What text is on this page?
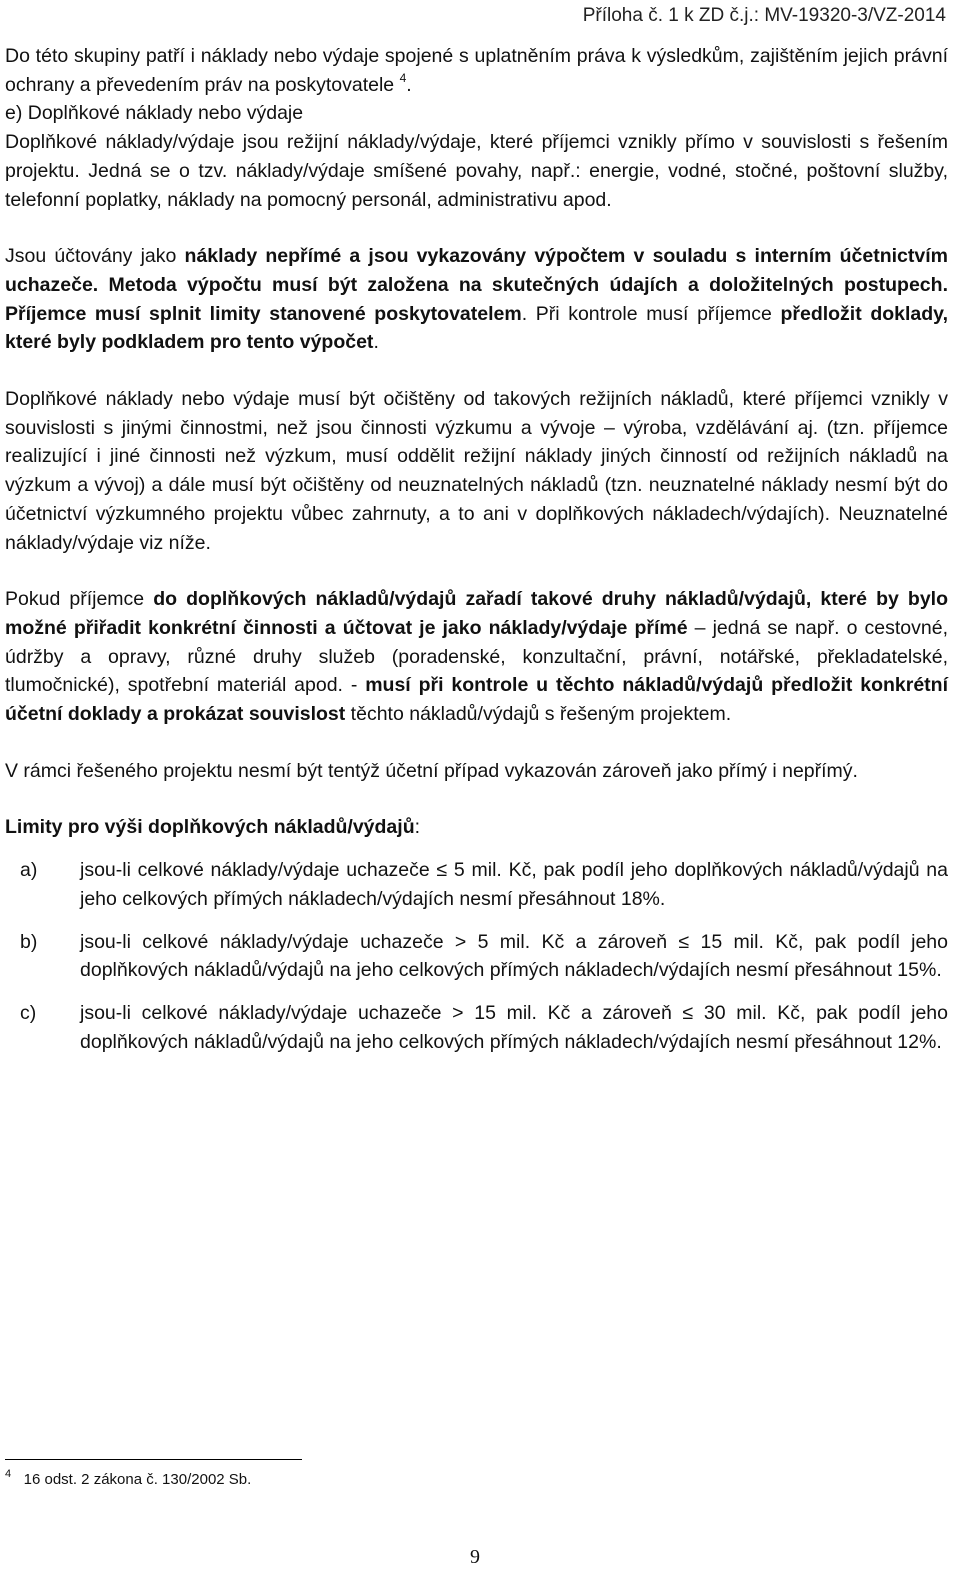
Příloha č. 1 k ZD č.j.: MV-19320-3/VZ-2014

Do této skupiny patří i náklady nebo výdaje spojené s uplatněním práva k výsledkům, zajištěním jejich právní ochrany a převedením práv na poskytovatele $^4$.

e) Doplňkové náklady nebo výdaje

Doplňkové náklady/výdaje jsou režijní náklady/výdaje, které příjemci vznikly přímo v souvislosti s řešením projektu. Jedná se o tzv. náklady/výdaje smíšené povahy, např.: energie, vodné, stočné, poštovní služby, telefonní poplatky, náklady na pomocný personál, administrativu apod.

Jsou účtovány jako náklady nepřímé a jsou vykazovány výpočtem v souladu s interním účetnictvím uchazeče. Metoda výpočtu musí být založena na skutečných údajích a doložitelných postupech. Příjemce musí splnit limity stanovené poskytovatelem. Při kontrole musí příjemce předložit doklady, které byly podkladem pro tento výpočet.

Doplňkové náklady nebo výdaje musí být očištěny od takových režijních nákladů, které příjemci vznikly v souvislosti s jinými činnostmi, než jsou činnosti výzkumu a vývoje – výroba, vzdělávání aj. (tzn. příjemce realizující i jiné činnosti než výzkum, musí oddělit režijní náklady jiných činností od režijních nákladů na výzkum a vývoj) a dále musí být očištěny od neuznatelných nákladů (tzn. neuznatelné náklady nesmí být do účetnictví výzkumného projektu vůbec zahrnuty, a to ani v doplňkových nákladech/výdajích). Neuznatelné náklady/výdaje viz níže.

Pokud příjemce do doplňkových nákladů/výdajů zařadí takové druhy nákladů/výdajů, které by bylo možné přiřadit konkrétní činnosti a účtovat je jako náklady/výdaje přímé – jedná se např. o cestovné, údržby a opravy, různé druhy služeb (poradenské, konzultační, právní, notářské, překladatelské, tlumočnické), spotřební materiál apod. - musí při kontrole u těchto nákladů/výdajů předložit konkrétní účetní doklady a prokázat souvislost těchto nákladů/výdajů s řešeným projektem.

V rámci řešeného projektu nesmí být tentýž účetní případ vykazován zároveň jako přímý i nepřímý.

Limity pro výši doplňkových nákladů/výdajů:

a) jsou-li celkové náklady/výdaje uchazeče ≤ 5 mil. Kč, pak podíl jeho doplňkových nákladů/výdajů na jeho celkových přímých nákladech/výdajích nesmí přesáhnout 18%.
b) jsou-li celkové náklady/výdaje uchazeče > 5 mil. Kč a zároveň ≤ 15 mil. Kč, pak podíl jeho doplňkových nákladů/výdajů na jeho celkových přímých nákladech/výdajích nesmí přesáhnout 15%.
c) jsou-li celkové náklady/výdaje uchazeče > 15 mil. Kč a zároveň ≤ 30 mil. Kč, pak podíl jeho doplňkových nákladů/výdajů na jeho celkových přímých nákladech/výdajích nesmí přesáhnout 12%.
$^4$ 16 odst. 2 zákona č. 130/2002 Sb.
9
